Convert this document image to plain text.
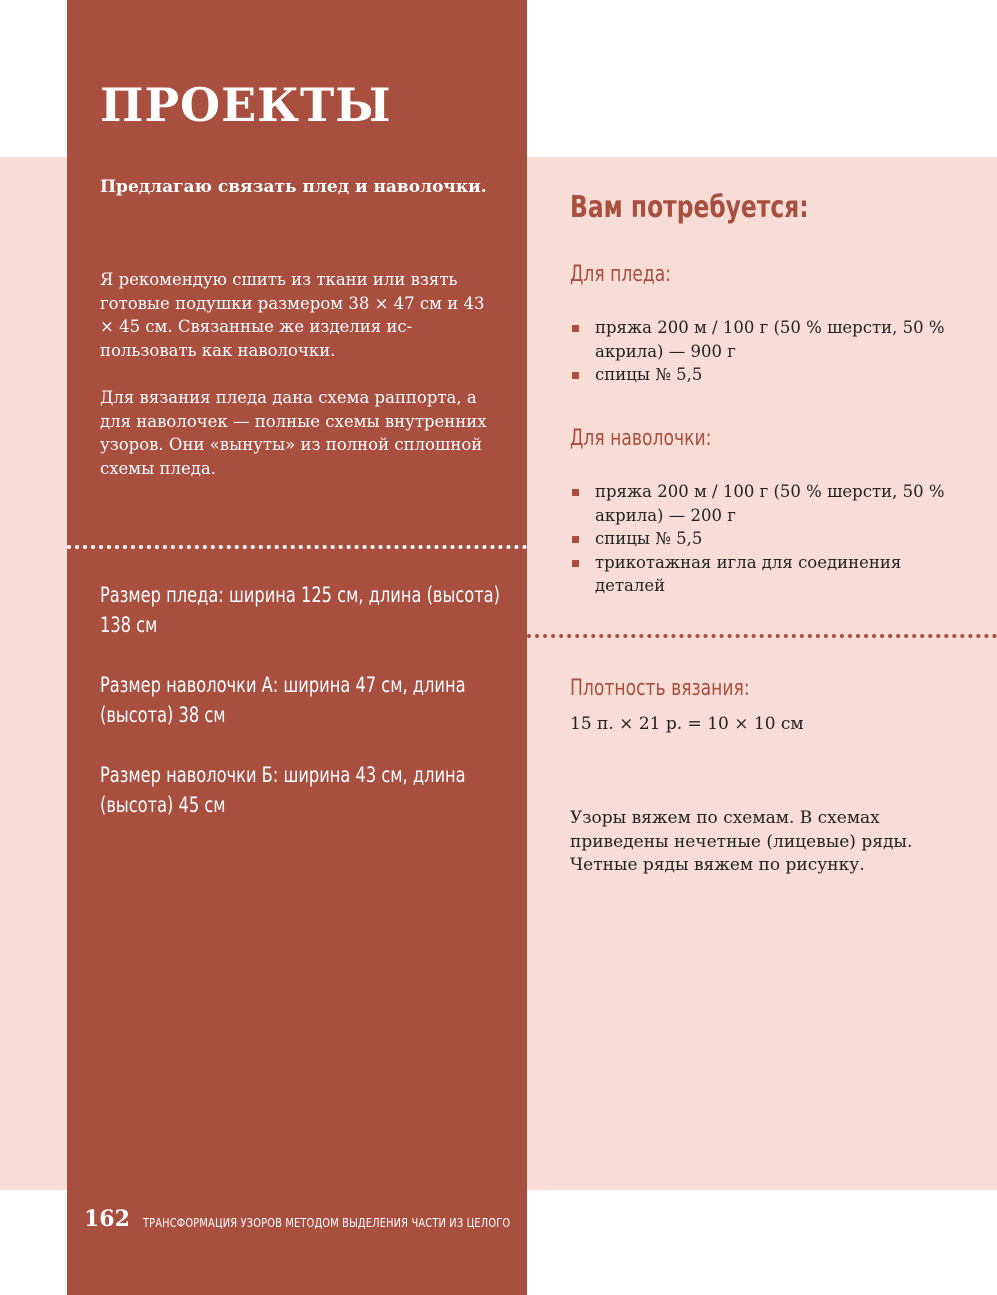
ПРОЕКТЫ

Предлагаю связать плед и наволочки.

Я рекомендую сшить из ткани или взять готовые подушки размером 38 × 47 см и 43 × 45 см. Связанные же изделия использовать как наволочки.

Для вязания пледа дана схема раппорта, а для наволочек — полные схемы внутренних узоров. Они «вынуты» из полной сплошной схемы пледа.

Размер пледа: ширина 125 см, длина (высота) 138 см

Размер наволочки А: ширина 47 см, длина (высота) 38 см

Размер наволочки Б: ширина 43 см, длина (высота) 45 см

162 ТРАНСФОРМАЦИЯ УЗОРОВ МЕТОДОМ ВЫДЕЛЕНИЯ ЧАСТИ ИЗ ЦЕЛОГО

Вам потребуется:

Для пледа:

пряжа 200 м / 100 г (50 % шерсти, 50 % акрила) — 900 г
спицы № 5,5

Для наволочки:

пряжа 200 м / 100 г (50 % шерсти, 50 % акрила) — 200 г
спицы № 5,5
трикотажная игла для соединения деталей

Плотность вязания:

15 п. × 21 р. = 10 × 10 см

Узоры вяжем по схемам. В схемах приведены нечетные (лицевые) ряды. Четные ряды вяжем по рисунку.
